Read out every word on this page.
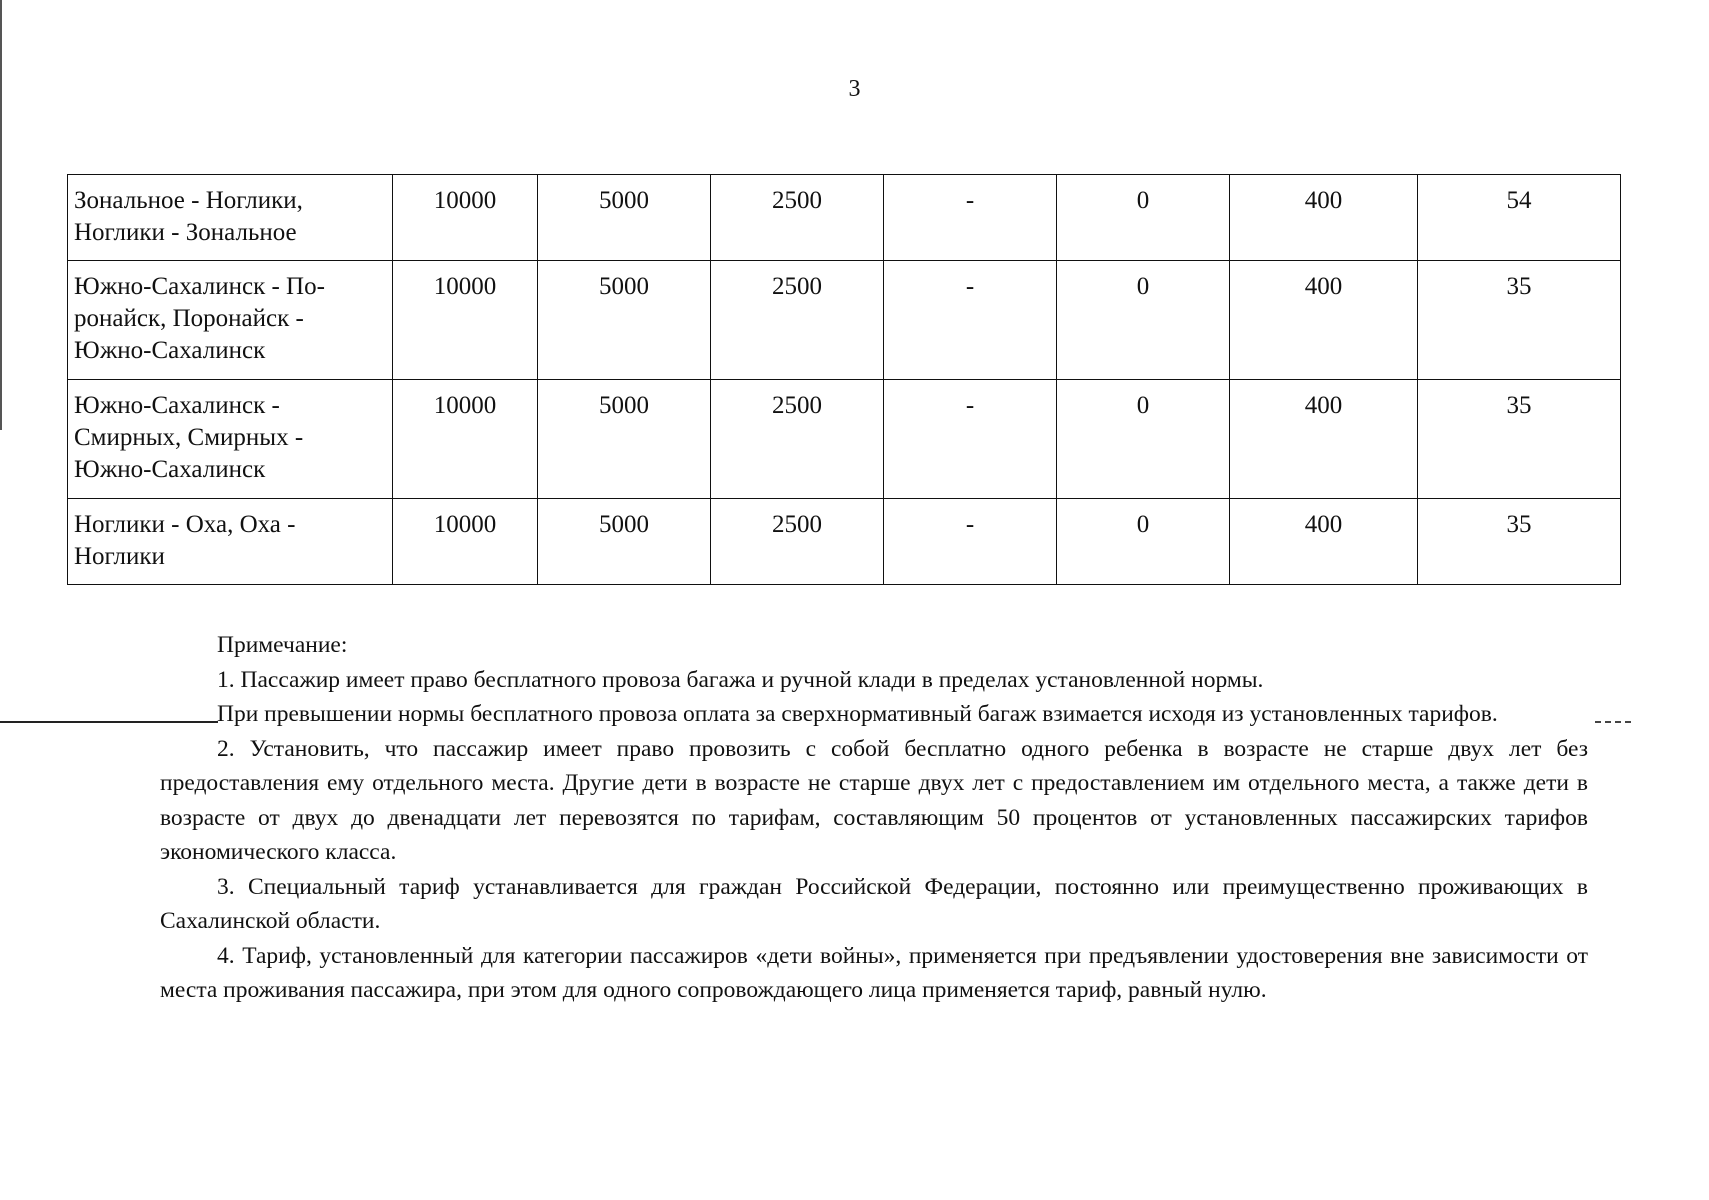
3
Зональное - Ноглики,
Ноглики - Зональное	10000	5000	2500	-	0	400	54

Южно-Сахалинск - По-
ронайск, Поронайск -
Южно-Сахалинск	10000	5000	2500	-	0	400	35

Южно-Сахалинск -
Смирных, Смирных -
Южно-Сахалинск	10000	5000	2500	-	0	400	35

Ноглики - Оха, Оха -
Ноглики	10000	5000	2500	-	0	400	35

Примечание:

1. Пассажир имеет право бесплатного провоза багажа и ручной клади в пределах установленной нормы.

При превышении нормы бесплатного провоза оплата за сверхнормативный багаж взимается исходя из установленных тарифов.

2. Установить, что пассажир имеет право провозить с собой бесплатно одного ребенка в возрасте не старше двух лет без предоставления ему отдельного места. Другие дети в возрасте не старше двух лет с предоставлением им отдельного места, а также дети в возрасте от двух до двенадцати лет перевозятся по тарифам, составляющим 50 процентов от установленных пассажирских тарифов экономического класса.

3. Специальный тариф устанавливается для граждан Российской Федерации, постоянно или преимущественно проживающих в Сахалинской области.

4. Тариф, установленный для категории пассажиров «дети войны», применяется при предъявлении удостоверения вне зависимости от места проживания пассажира, при этом для одного сопровождающего лица применяется тариф, равный нулю.
